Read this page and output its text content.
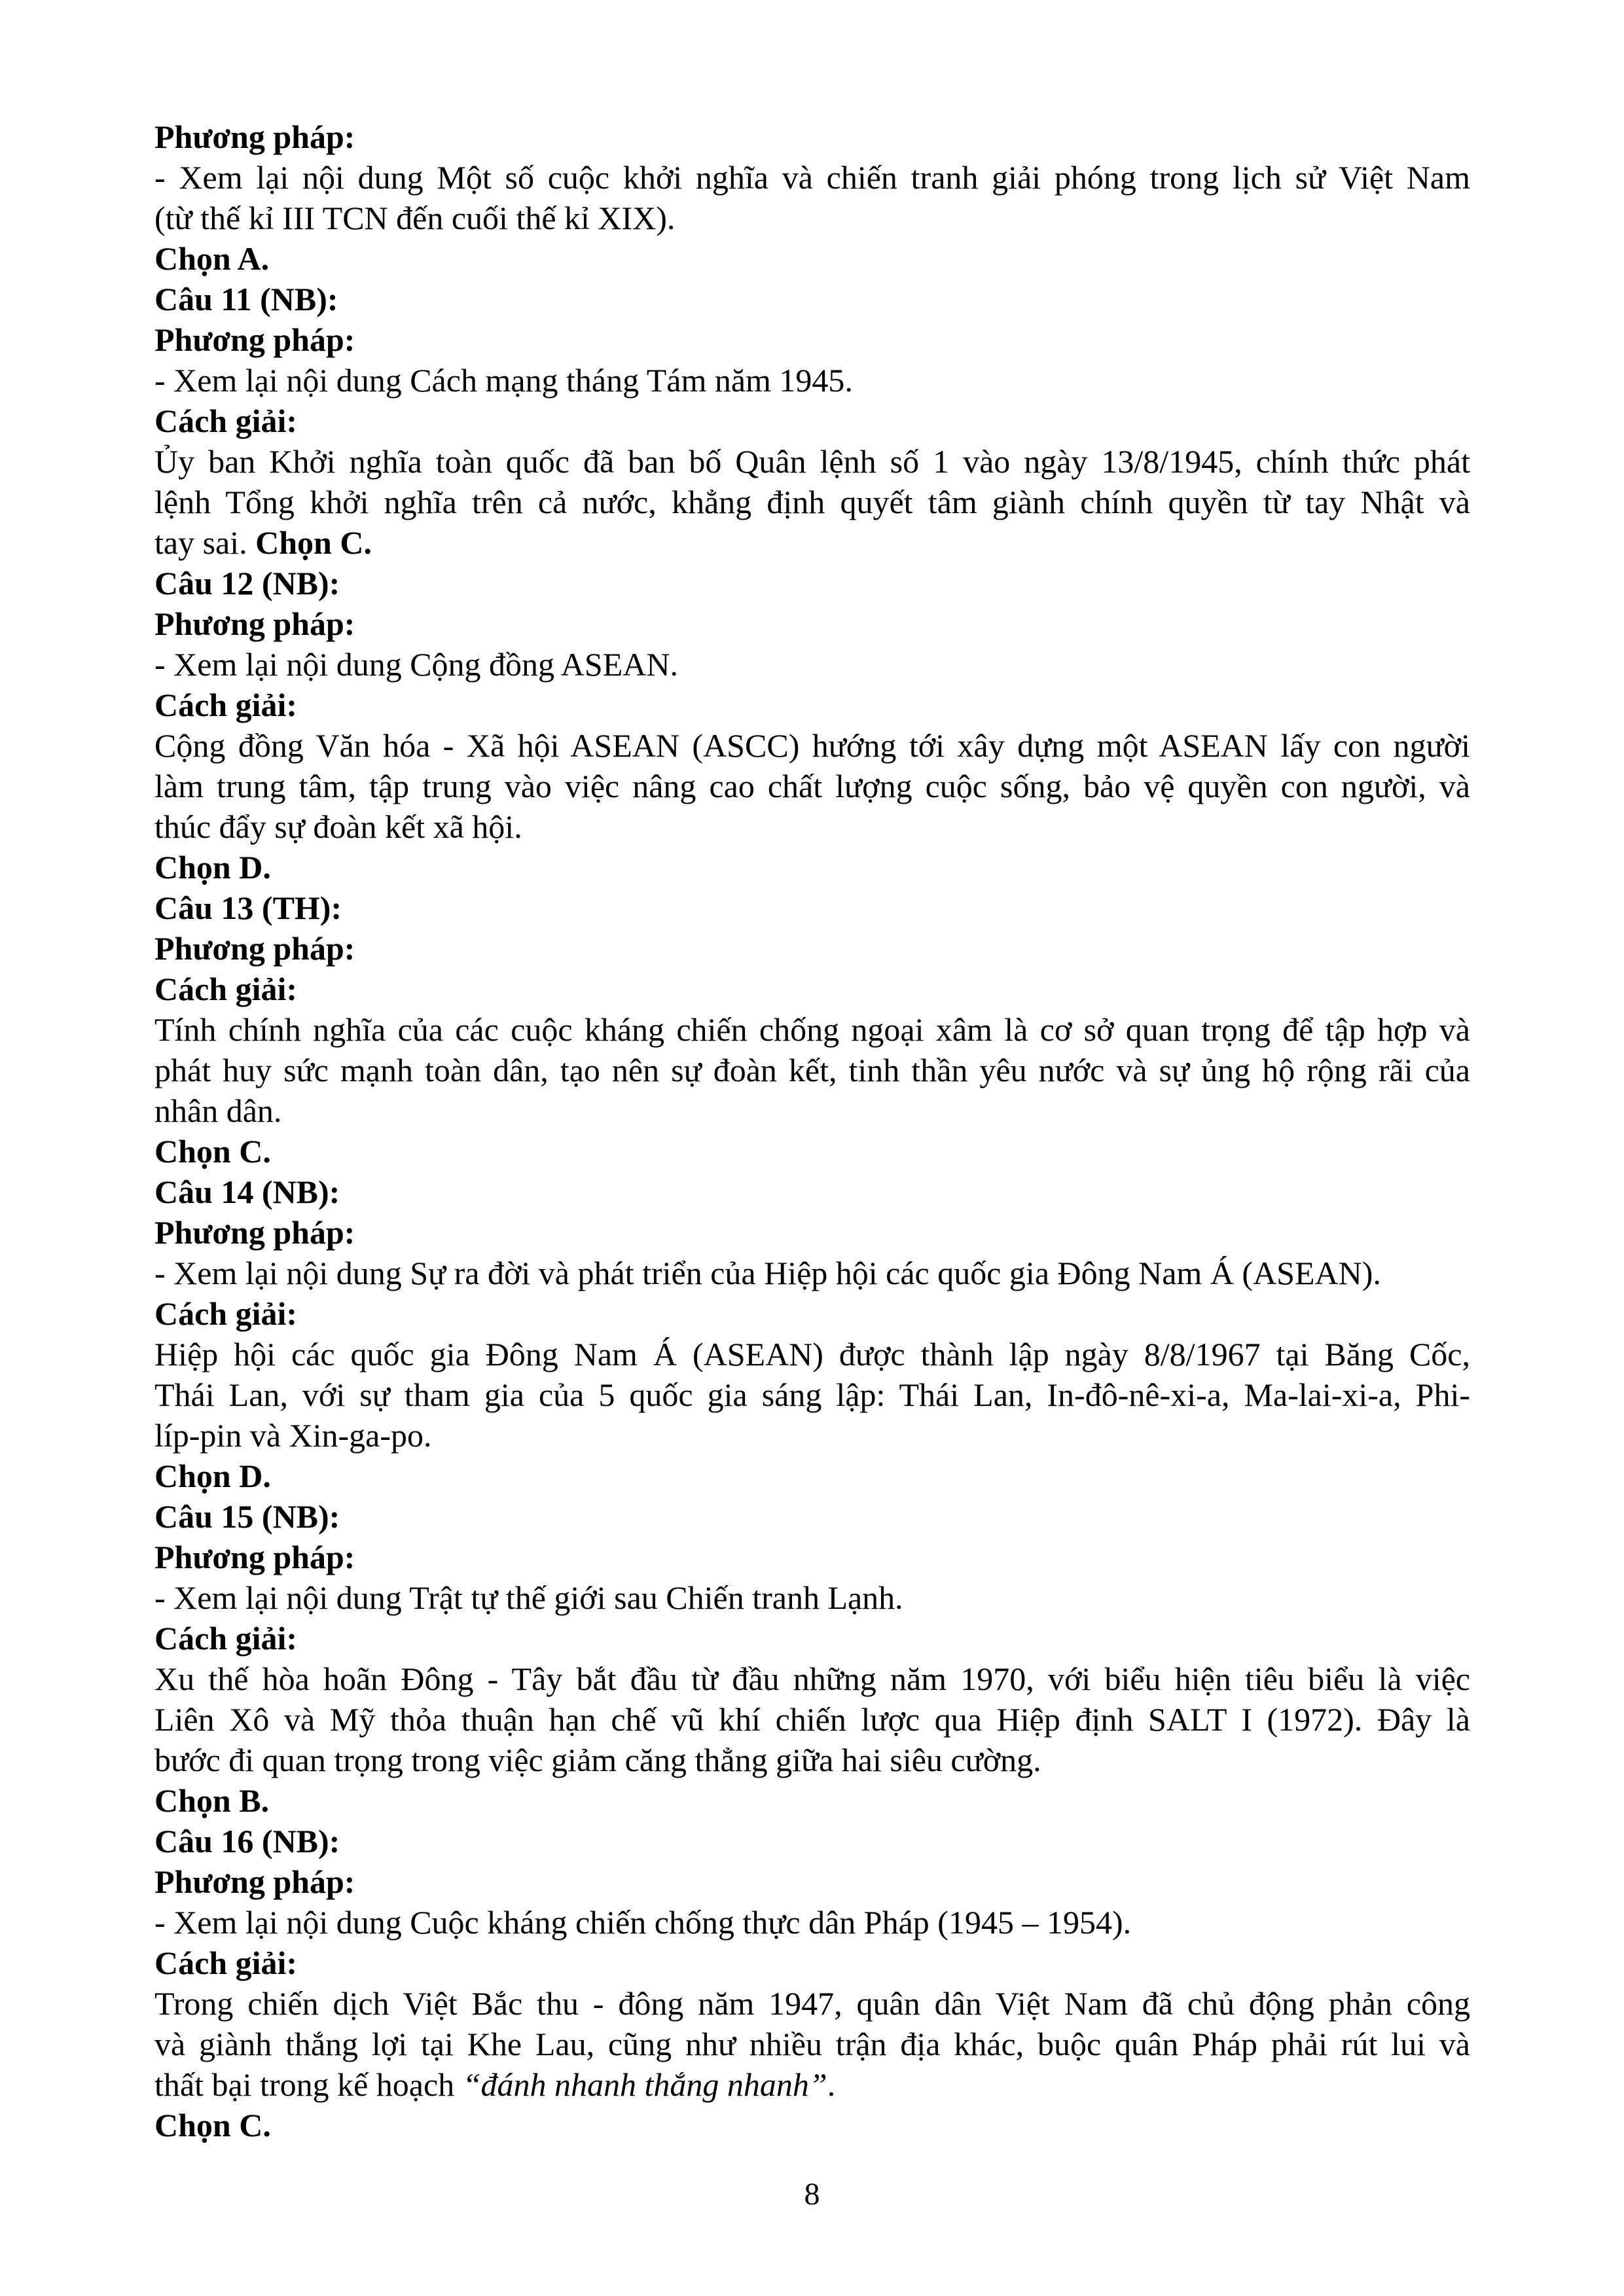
Phương pháp:
- Xem lại nội dung Một số cuộc khởi nghĩa và chiến tranh giải phóng trong lịch sử Việt Nam
(từ thế kỉ III TCN đến cuối thế kỉ XIX).
Chọn A.
Câu 11 (NB):
Phương pháp:
- Xem lại nội dung Cách mạng tháng Tám năm 1945.
Cách giải:
Ủy ban Khởi nghĩa toàn quốc đã ban bố Quân lệnh số 1 vào ngày 13/8/1945, chính thức phát
lệnh Tổng khởi nghĩa trên cả nước, khẳng định quyết tâm giành chính quyền từ tay Nhật và
tay sai. Chọn C.
Câu 12 (NB):
Phương pháp:
- Xem lại nội dung Cộng đồng ASEAN.
Cách giải:
Cộng đồng Văn hóa - Xã hội ASEAN (ASCC) hướng tới xây dựng một ASEAN lấy con người
làm trung tâm, tập trung vào việc nâng cao chất lượng cuộc sống, bảo vệ quyền con người, và
thúc đẩy sự đoàn kết xã hội.
Chọn D.
Câu 13 (TH):
Phương pháp:
Cách giải:
Tính chính nghĩa của các cuộc kháng chiến chống ngoại xâm là cơ sở quan trọng để tập hợp và
phát huy sức mạnh toàn dân, tạo nên sự đoàn kết, tinh thần yêu nước và sự ủng hộ rộng rãi của
nhân dân.
Chọn C.
Câu 14 (NB):
Phương pháp:
- Xem lại nội dung Sự ra đời và phát triển của Hiệp hội các quốc gia Đông Nam Á (ASEAN).
Cách giải:
Hiệp hội các quốc gia Đông Nam Á (ASEAN) được thành lập ngày 8/8/1967 tại Băng Cốc,
Thái Lan, với sự tham gia của 5 quốc gia sáng lập: Thái Lan, In-đô-nê-xi-a, Ma-lai-xi-a, Phi-
líp-pin và Xin-ga-po.
Chọn D.
Câu 15 (NB):
Phương pháp:
- Xem lại nội dung Trật tự thế giới sau Chiến tranh Lạnh.
Cách giải:
Xu thế hòa hoãn Đông - Tây bắt đầu từ đầu những năm 1970, với biểu hiện tiêu biểu là việc
Liên Xô và Mỹ thỏa thuận hạn chế vũ khí chiến lược qua Hiệp định SALT I (1972). Đây là
bước đi quan trọng trong việc giảm căng thẳng giữa hai siêu cường.
Chọn B.
Câu 16 (NB):
Phương pháp:
- Xem lại nội dung Cuộc kháng chiến chống thực dân Pháp (1945 – 1954).
Cách giải:
Trong chiến dịch Việt Bắc thu - đông năm 1947, quân dân Việt Nam đã chủ động phản công
và giành thắng lợi tại Khe Lau, cũng như nhiều trận địa khác, buộc quân Pháp phải rút lui và
thất bại trong kế hoạch “đánh nhanh thắng nhanh”.
Chọn C.
8
